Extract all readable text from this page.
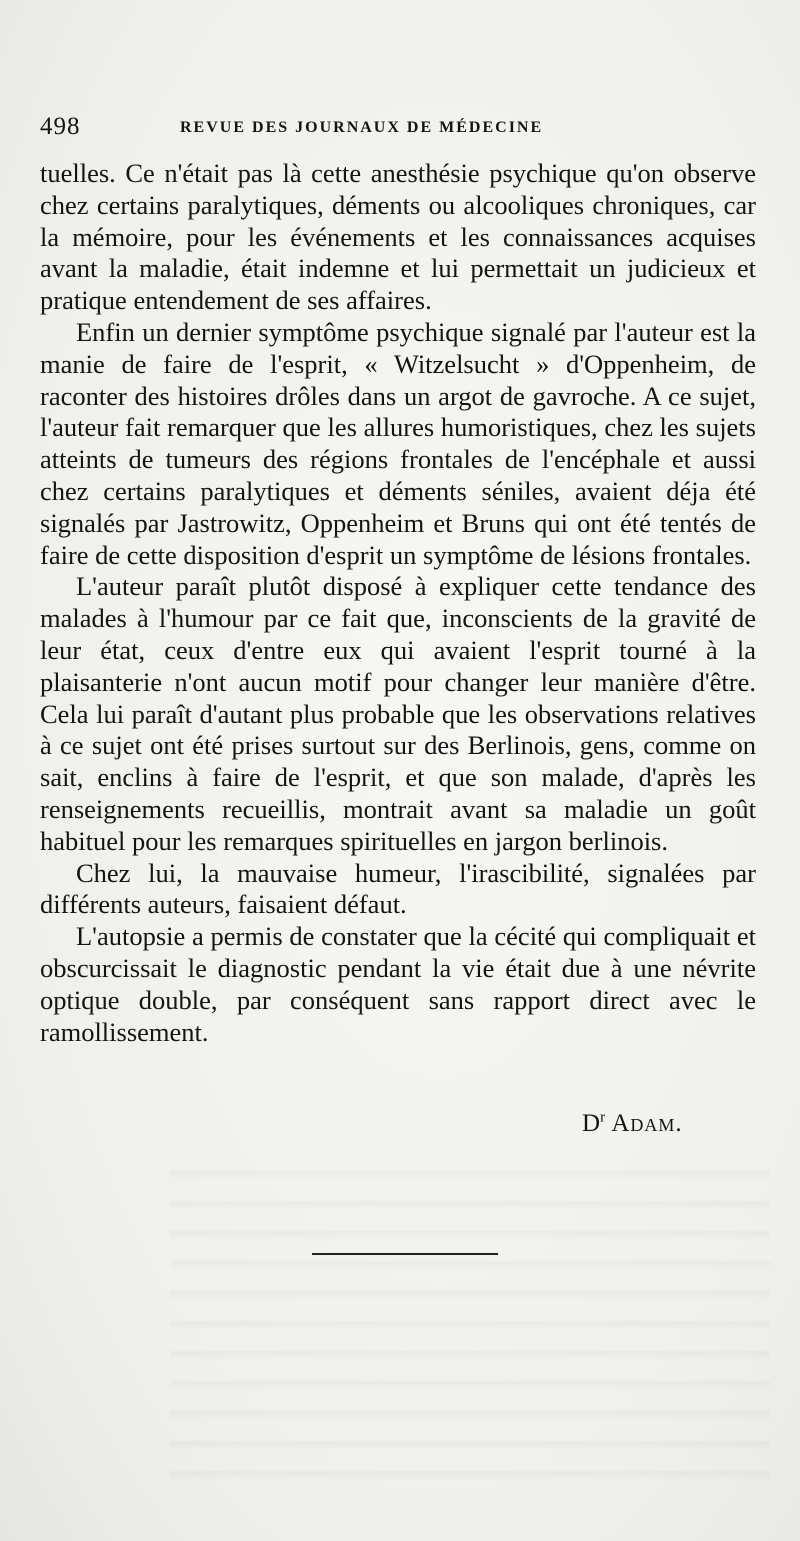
498	REVUE DES JOURNAUX DE MÉDECINE

tuelles. Ce n'était pas là cette anesthésie psychique qu'on observe chez certains paralytiques, déments ou alcooliques chroniques, car la mémoire, pour les événements et les connaissances acquises avant la maladie, était indemne et lui permettait un judicieux et pratique entendement de ses affaires.

Enfin un dernier symptôme psychique signalé par l'auteur est la manie de faire de l'esprit, « Witzelsucht » d'Oppenheim, de raconter des histoires drôles dans un argot de gavroche. A ce sujet, l'auteur fait remarquer que les allures humoristiques, chez les sujets atteints de tumeurs des régions frontales de l'encéphale et aussi chez certains paralytiques et déments séniles, avaient déja été signalés par Jastrowitz, Oppenheim et Bruns qui ont été tentés de faire de cette disposition d'esprit un symptôme de lésions frontales.

L'auteur paraît plutôt disposé à expliquer cette tendance des malades à l'humour par ce fait que, inconscients de la gravité de leur état, ceux d'entre eux qui avaient l'esprit tourné à la plaisanterie n'ont aucun motif pour changer leur manière d'être. Cela lui paraît d'autant plus probable que les observations relatives à ce sujet ont été prises surtout sur des Berlinois, gens, comme on sait, enclins à faire de l'esprit, et que son malade, d'après les renseignements recueillis, montrait avant sa maladie un goût habituel pour les remarques spirituelles en jargon berlinois.

Chez lui, la mauvaise humeur, l'irascibilité, signalées par différents auteurs, faisaient défaut.

L'autopsie a permis de constater que la cécité qui compliquait et obscurcissait le diagnostic pendant la vie était due à une névrite optique double, par conséquent sans rapport direct avec le ramollissement.

$D^r$ Adam.
